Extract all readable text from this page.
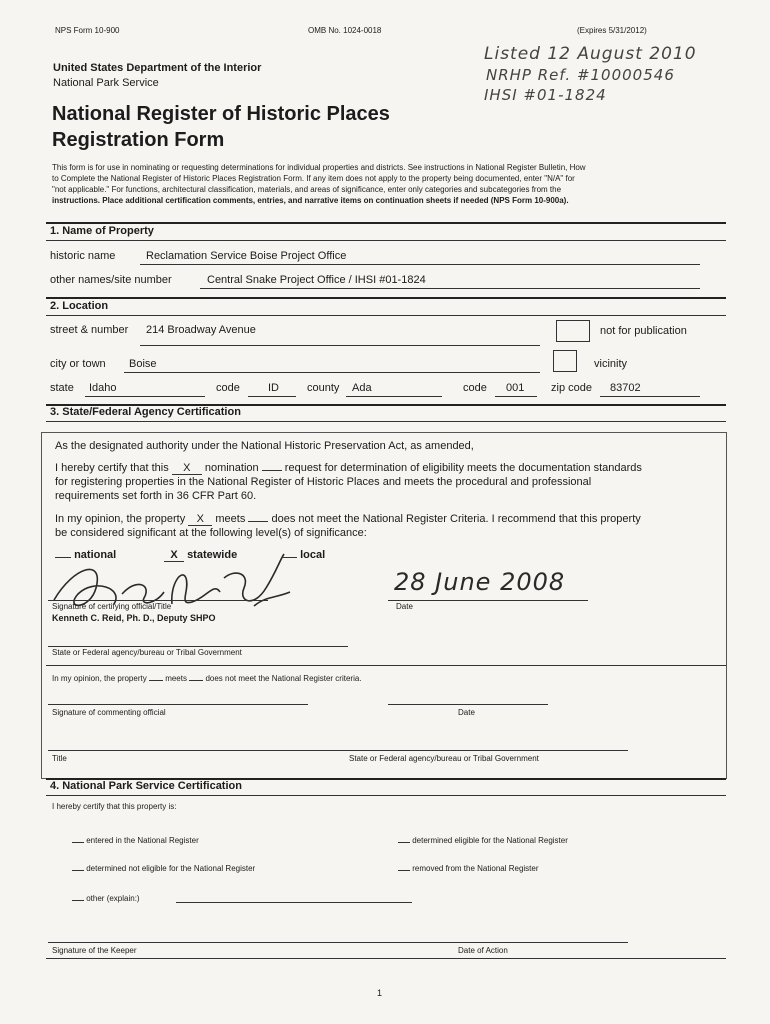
NPS Form 10-900	OMB No. 1024-0018	(Expires 5/31/2012)
Listed 12 August 2010
NRHP Ref. #10000546
IHSI #01-1824
United States Department of the Interior
National Park Service
National Register of Historic Places
Registration Form
This form is for use in nominating or requesting determinations for individual properties and districts. See instructions in National Register Bulletin, How
to Complete the National Register of Historic Places Registration Form. If any item does not apply to the property being documented, enter "N/A" for
"not applicable." For functions, architectural classification, materials, and areas of significance, enter only categories and subcategories from the
instructions. Place additional certification comments, entries, and narrative items on continuation sheets if needed (NPS Form 10-900a).
1. Name of Property
historic name	Reclamation Service Boise Project Office
other names/site number	Central Snake Project Office / IHSI #01-1824
2. Location
street & number 214 Broadway Avenue	not for publication
city or town Boise	vicinity
state Idaho	code	ID	county Ada	code 001 zip code 83702
3. State/Federal Agency Certification
As the designated authority under the National Historic Preservation Act, as amended,
I hereby certify that this X nomination request for determination of eligibility meets the documentation standards
for registering properties in the National Register of Historic Places and meets the procedural and professional
requirements set forth in 36 CFR Part 60.
In my opinion, the property X meets does not meet the National Register Criteria. I recommend that this property
be considered significant at the following level(s) of significance:
national	X statewide	local
28 June 2008
Signature of certifying official/Title	Date
Kenneth C. Reid, Ph. D., Deputy SHPO
State or Federal agency/bureau or Tribal Government
In my opinion, the property meets does not meet the National Register criteria.
Signature of commenting official	Date
Title	State or Federal agency/bureau or Tribal Government
4. National Park Service Certification
I hereby certify that this property is:
entered in the National Register	determined eligible for the National Register
determined not eligible for the National Register	removed from the National Register
other (explain:)
Signature of the Keeper	Date of Action
1
